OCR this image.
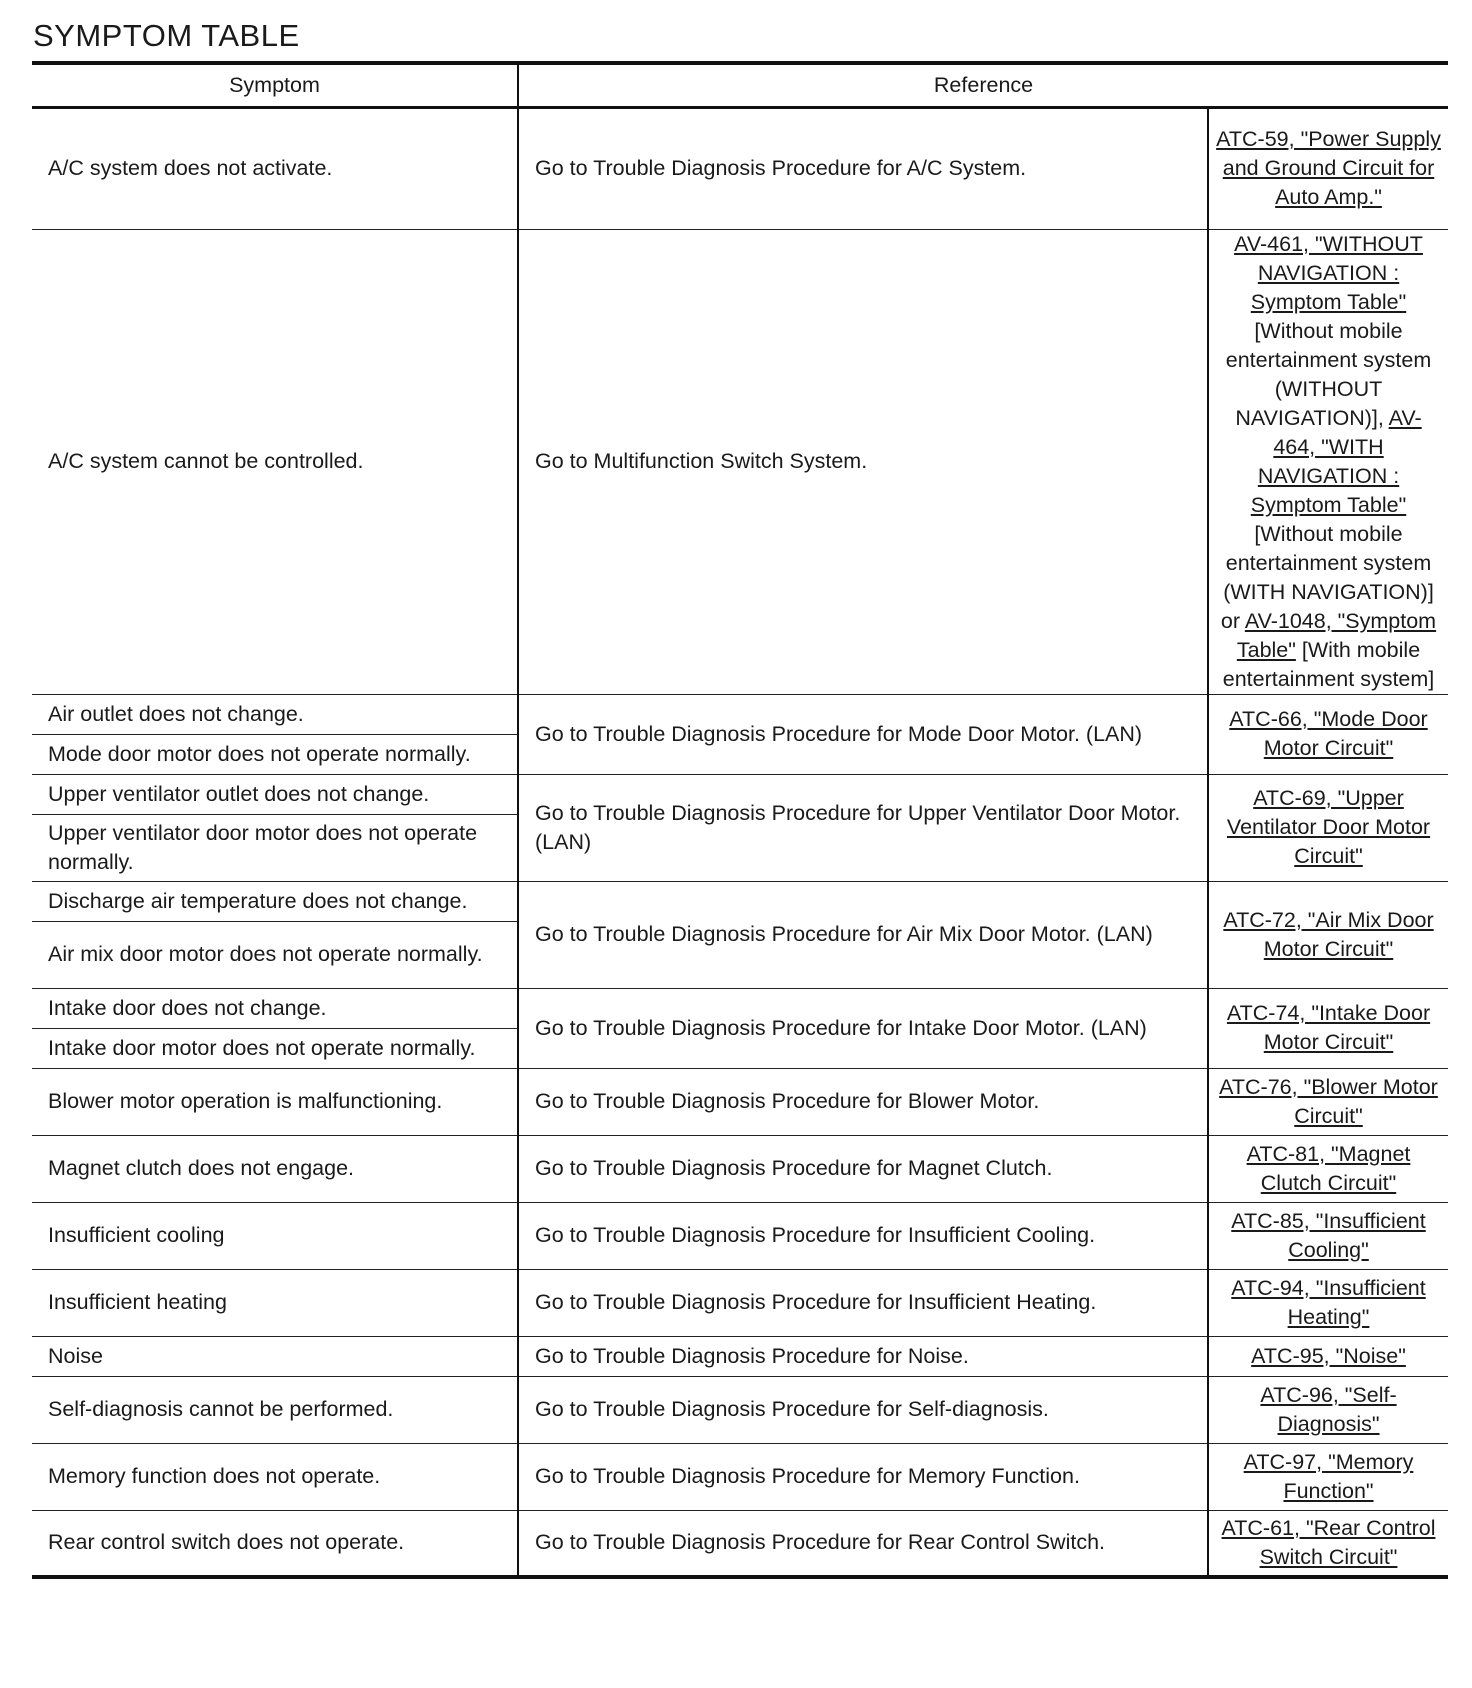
SYMPTOM TABLE
Symptom	Reference	
A/C system does not activate.	Go to Trouble Diagnosis Procedure for A/C System.	ATC-59, "Power Supply and Ground Circuit for Auto Amp."
A/C system cannot be controlled.	Go to Multifunction Switch System.	AV-461, "WITHOUT NAVIGATION : Symptom Table" [Without mobile entertainment system (WITHOUT NAVIGATION)], AV-464, "WITH NAVIGATION : Symptom Table" [Without mobile entertainment system (WITH NAVIGATION)] or AV-1048, "Symptom Table" [With mobile entertainment system]
Air outlet does not change.	Go to Trouble Diagnosis Procedure for Mode Door Motor. (LAN)	ATC-66, "Mode Door Motor Circuit"
Mode door motor does not operate normally.		
Upper ventilator outlet does not change.	Go to Trouble Diagnosis Procedure for Upper Ventilator Door Motor. (LAN)	ATC-69, "Upper Ventilator Door Motor Circuit"
Upper ventilator door motor does not operate normally.		
Discharge air temperature does not change.	Go to Trouble Diagnosis Procedure for Air Mix Door Motor. (LAN)	ATC-72, "Air Mix Door Motor Circuit"
Air mix door motor does not operate normally.		
Intake door does not change.	Go to Trouble Diagnosis Procedure for Intake Door Motor. (LAN)	ATC-74, "Intake Door Motor Circuit"
Intake door motor does not operate normally.		
Blower motor operation is malfunctioning.	Go to Trouble Diagnosis Procedure for Blower Motor.	ATC-76, "Blower Motor Circuit"
Magnet clutch does not engage.	Go to Trouble Diagnosis Procedure for Magnet Clutch.	ATC-81, "Magnet Clutch Circuit"
Insufficient cooling	Go to Trouble Diagnosis Procedure for Insufficient Cooling.	ATC-85, "Insufficient Cooling"
Insufficient heating	Go to Trouble Diagnosis Procedure for Insufficient Heating.	ATC-94, "Insufficient Heating"
Noise	Go to Trouble Diagnosis Procedure for Noise.	ATC-95, "Noise"
Self-diagnosis cannot be performed.	Go to Trouble Diagnosis Procedure for Self-diagnosis.	ATC-96, "Self-Diagnosis"
Memory function does not operate.	Go to Trouble Diagnosis Procedure for Memory Function.	ATC-97, "Memory Function"
Rear control switch does not operate.	Go to Trouble Diagnosis Procedure for Rear Control Switch.	ATC-61, "Rear Control Switch Circuit"
